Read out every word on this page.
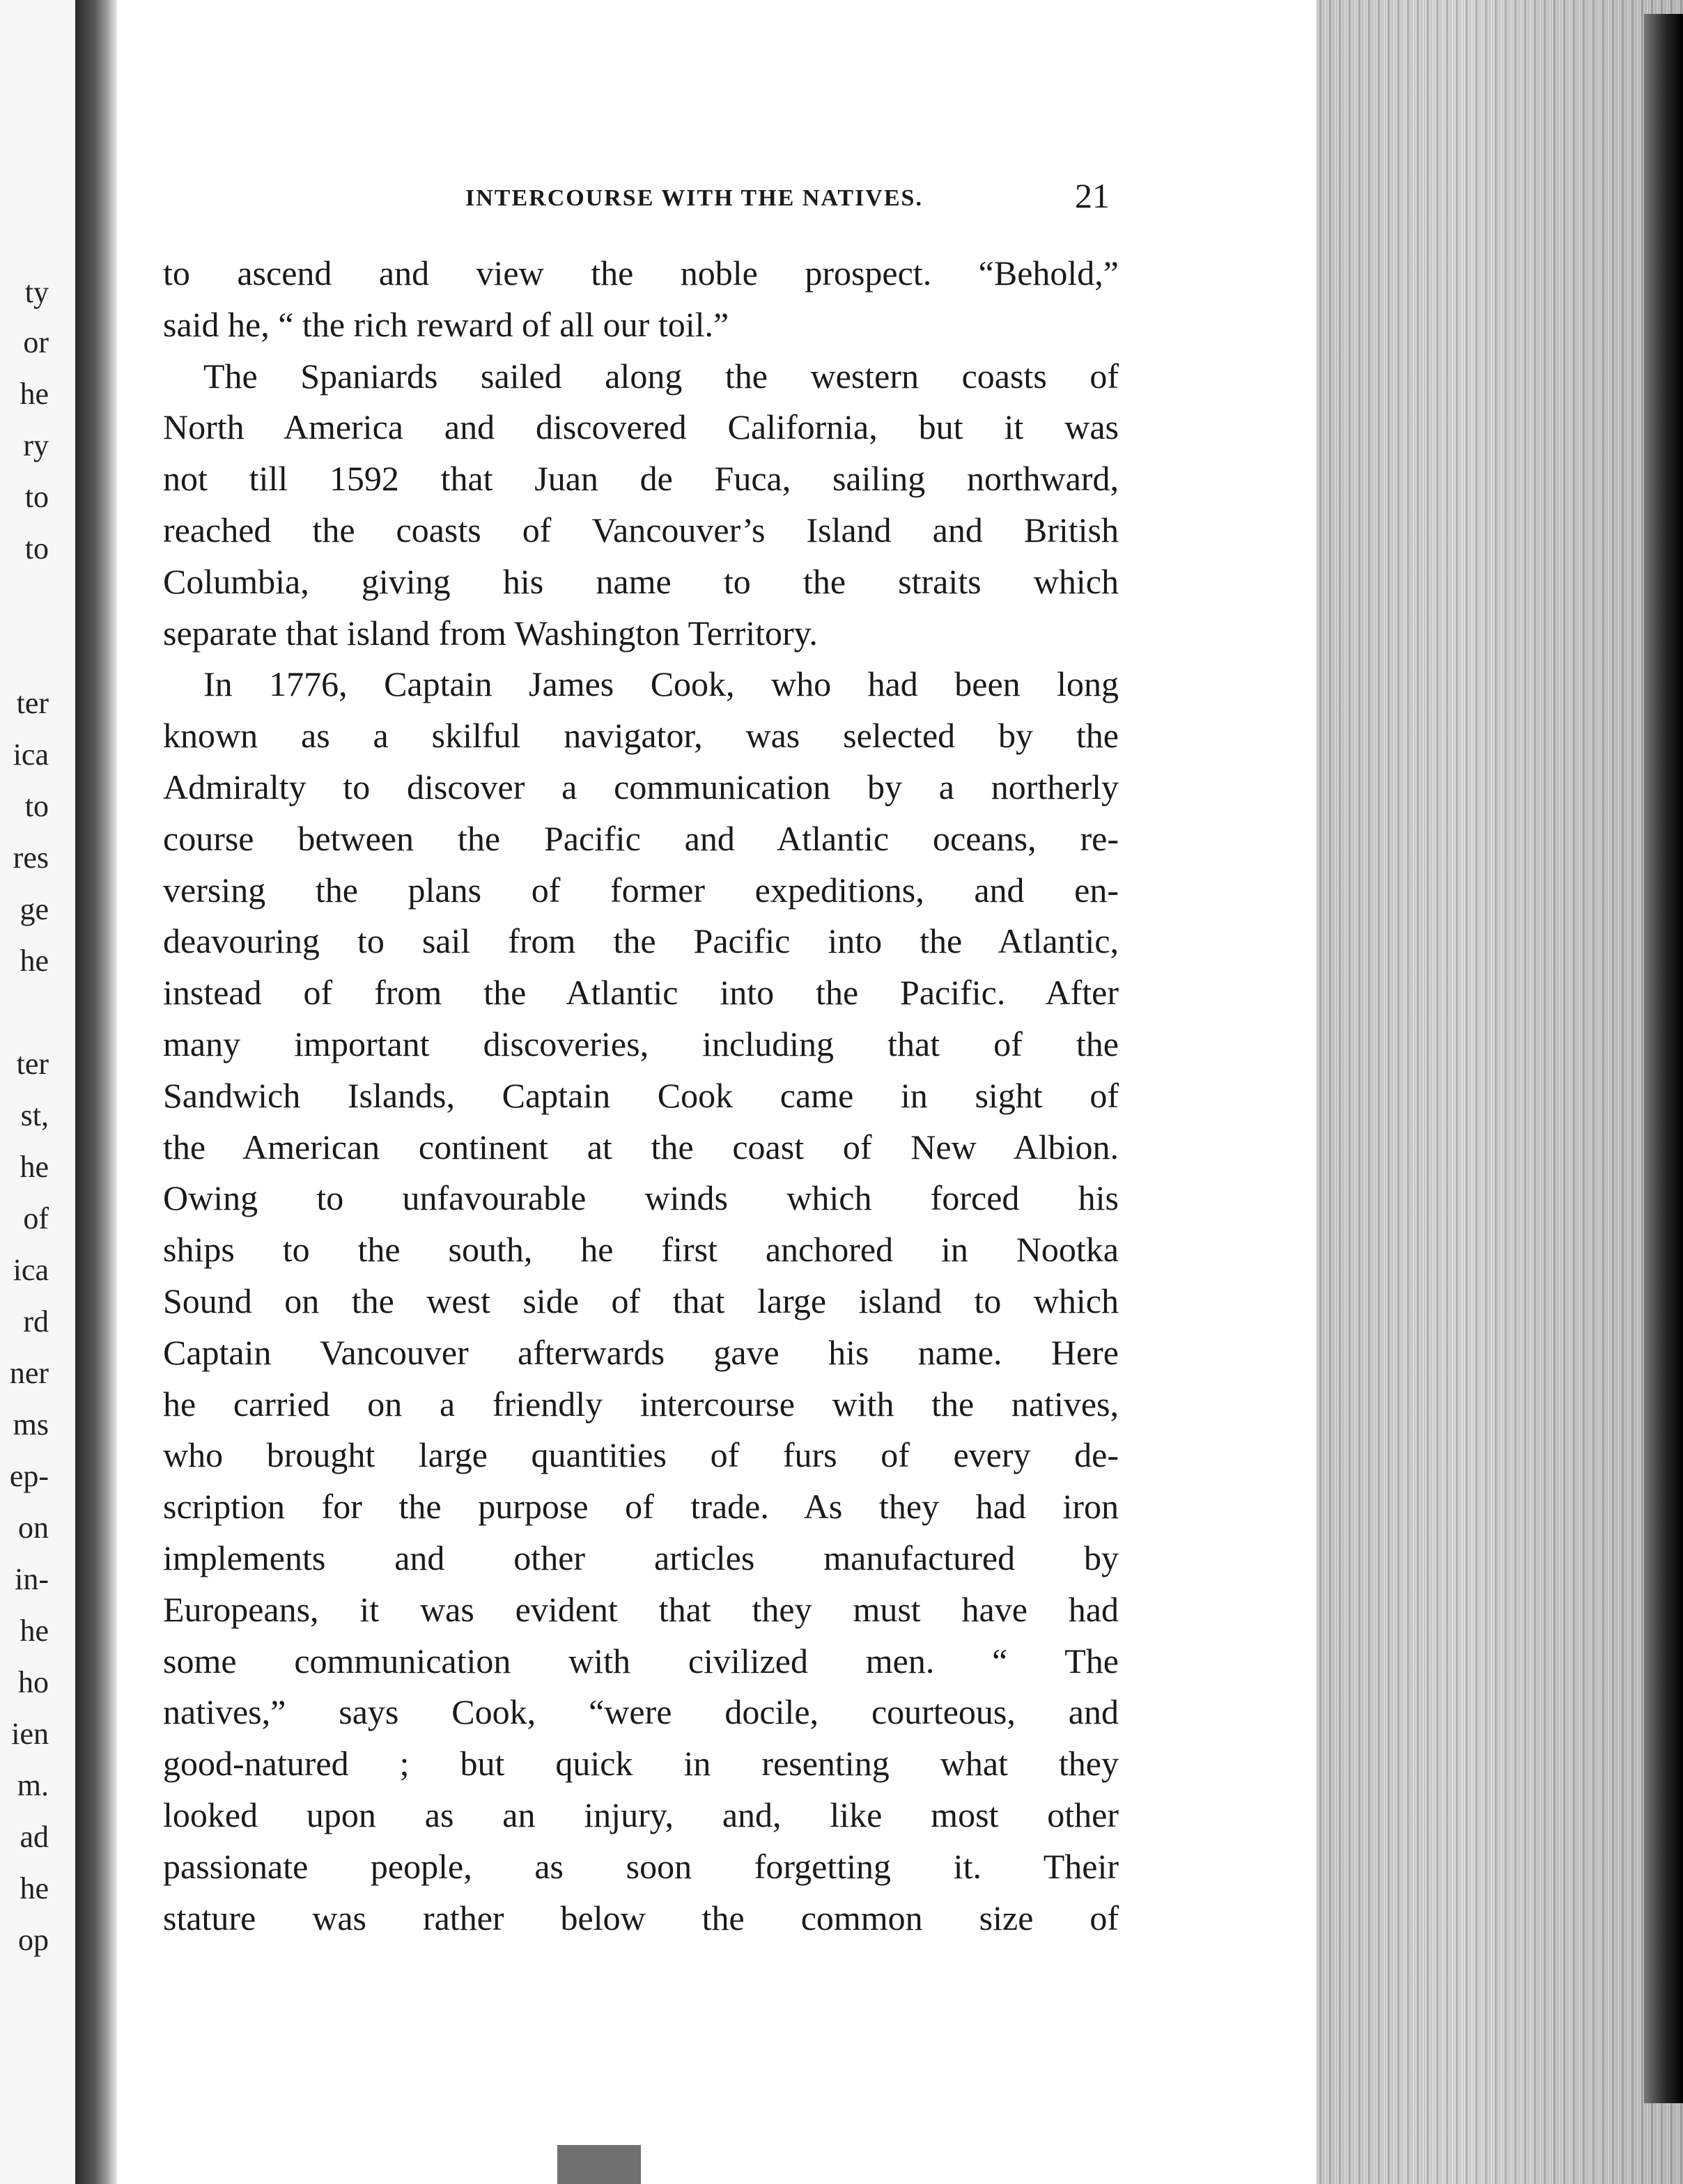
ty
or
he
ry
to
to
ter
ica
to
res
ge
he
ter
st,
he
of
ica
rd
ner
ms
ep-
on
in-
he
ho
ien
m.
ad
he
op
INTERCOURSE WITH THE NATIVES.	21
to ascend and view the noble prospect. “Behold,”
said he, “ the rich reward of all our toil.”
The Spaniards sailed along the western coasts of
North America and discovered California, but it was
not till 1592 that Juan de Fuca, sailing northward,
reached the coasts of Vancouver’s Island and British
Columbia, giving his name to the straits which
separate that island from Washington Territory.
In 1776, Captain James Cook, who had been long
known as a skilful navigator, was selected by the
Admiralty to discover a communication by a northerly
course between the Pacific and Atlantic oceans, re-
versing the plans of former expeditions, and en-
deavouring to sail from the Pacific into the Atlantic,
instead of from the Atlantic into the Pacific. After
many important discoveries, including that of the
Sandwich Islands, Captain Cook came in sight of
the American continent at the coast of New Albion.
Owing to unfavourable winds which forced his
ships to the south, he first anchored in Nootka
Sound on the west side of that large island to which
Captain Vancouver afterwards gave his name. Here
he carried on a friendly intercourse with the natives,
who brought large quantities of furs of every de-
scription for the purpose of trade. As they had iron
implements and other articles manufactured by
Europeans, it was evident that they must have had
some communication with civilized men. “ The
natives,” says Cook, “were docile, courteous, and
good-natured ; but quick in resenting what they
looked upon as an injury, and, like most other
passionate people, as soon forgetting it. Their
stature was rather below the common size of
